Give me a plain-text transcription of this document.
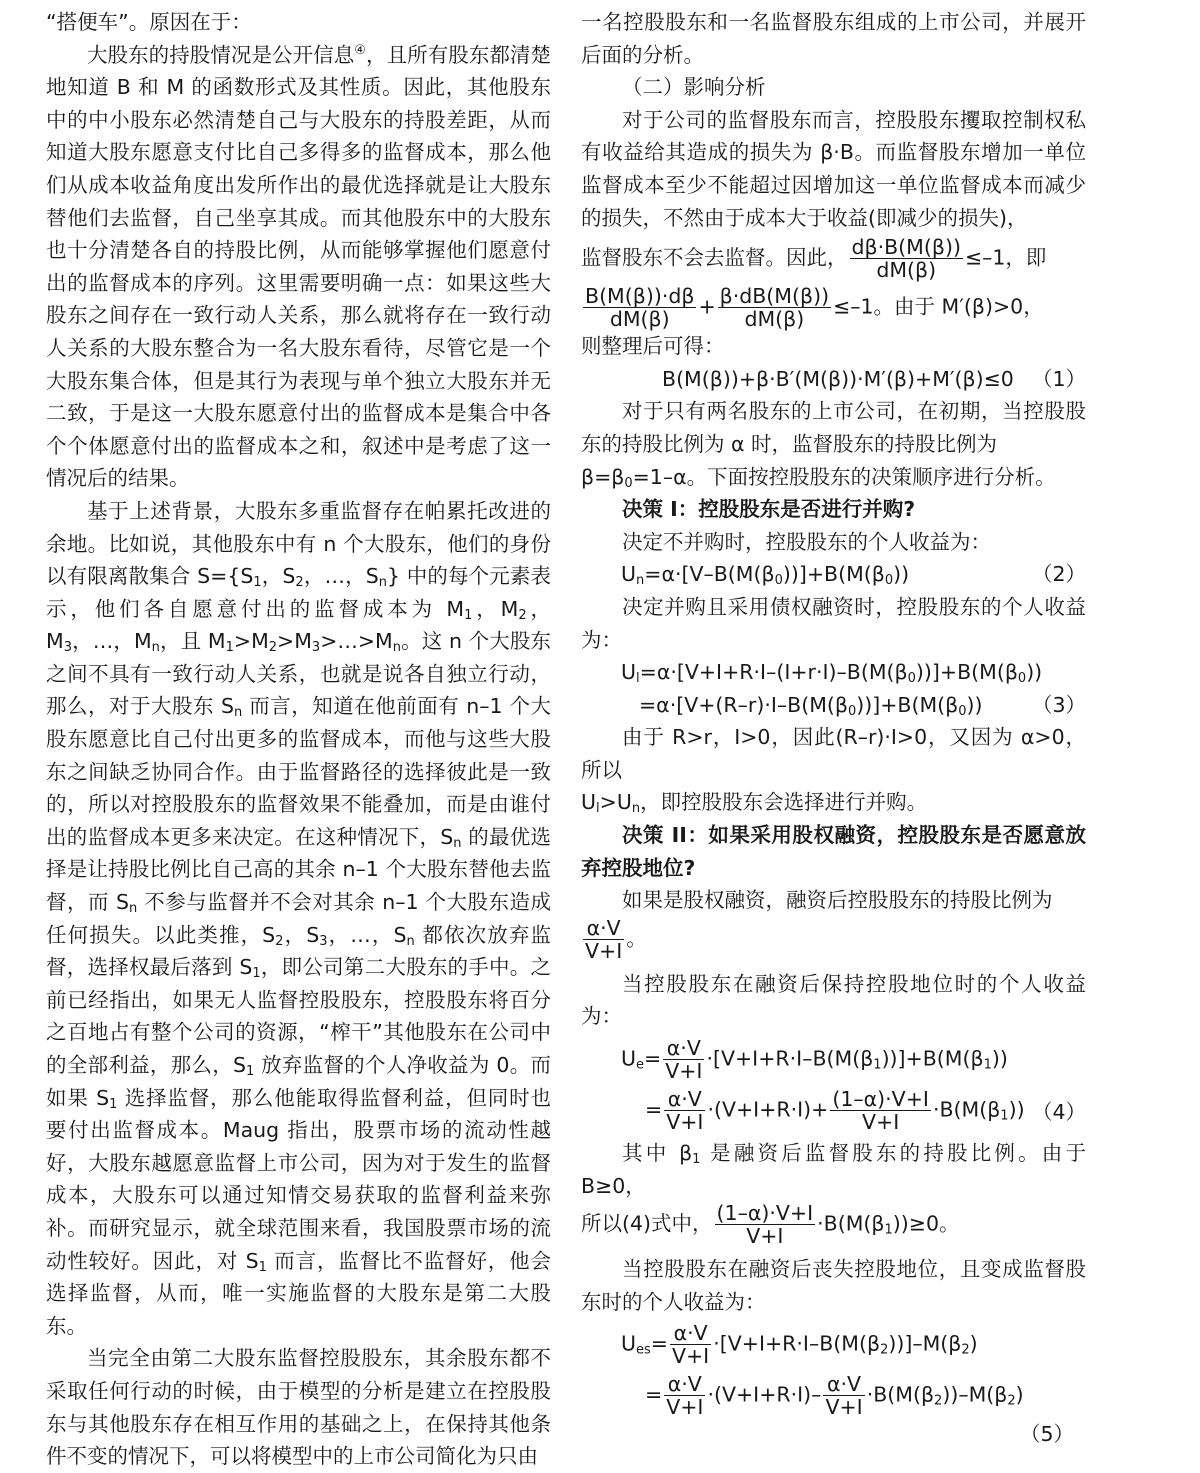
“搭便车”。原因在于：

大股东的持股情况是公开信息④，且所有股东都清楚地知道 B 和 M 的函数形式及其性质。因此，其他股东中的中小股东必然清楚自己与大股东的持股差距，从而知道大股东愿意支付比自己多得多的监督成本，那么他们从成本收益角度出发所作出的最优选择就是让大股东替他们去监督，自己坐享其成。而其他股东中的大股东也十分清楚各自的持股比例，从而能够掌握他们愿意付出的监督成本的序列。这里需要明确一点：如果这些大股东之间存在一致行动人关系，那么就将存在一致行动人关系的大股东整合为一名大股东看待，尽管它是一个大股东集合体，但是其行为表现与单个独立大股东并无二致，于是这一大股东愿意付出的监督成本是集合中各个个体愿意付出的监督成本之和，叙述中是考虑了这一情况后的结果。

基于上述背景，大股东多重监督存在帕累托改进的余地。比如说，其他股东中有 n 个大股东，他们的身份以有限离散集合 $S=\{S_1$，$S_2$，…，$S_n$} 中的每个元素表示，他们各自愿意付出的监督成本为 $M_1$，$M_2$，$M_3$，…，$M_n$，且 $M_1>M_2>M_3>\dots>M_n$。这 n 个大股东之间不具有一致行动人关系，也就是说各自独立行动，那么，对于大股东 $S_n$ 而言，知道在他前面有 n–1 个大股东愿意比自己付出更多的监督成本，而他与这些大股东之间缺乏协同合作。由于监督路径的选择彼此是一致的，所以对控股股东的监督效果不能叠加，而是由谁付出的监督成本更多来决定。在这种情况下，$S_n$ 的最优选择是让持股比例比自己高的其余 n–1 个大股东替他去监督，而 $S_n$ 不参与监督并不会对其余 n–1 个大股东造成任何损失。以此类推，$S_2$，$S_3$，…，$S_n$ 都依次放弃监督，选择权最后落到 $S_1$，即公司第二大股东的手中。之前已经指出，如果无人监督控股股东，控股股东将百分之百地占有整个公司的资源，“榨干”其他股东在公司中的全部利益，那么，$S_1$ 放弃监督的个人净收益为 0。而如果 $S_1$ 选择监督，那么他能取得监督利益，但同时也要付出监督成本。Maug 指出，股票市场的流动性越好，大股东越愿意监督上市公司，因为对于发生的监督成本，大股东可以通过知情交易获取的监督利益来弥补。而研究显示，就全球范围来看，我国股票市场的流动性较好。因此，对 $S_1$ 而言，监督比不监督好，他会选择监督，从而，唯一实施监督的大股东是第二大股东。

当完全由第二大股东监督控股股东，其余股东都不采取任何行动的时候，由于模型的分析是建立在控股股东与其他股东存在相互作用的基础之上，在保持其他条件不变的情况下，可以将模型中的上市公司简化为只由

一名控股股东和一名监督股东组成的上市公司，并展开后面的分析。

（二）影响分析

对于公司的监督股东而言，控股股东攫取控制权私有收益给其造成的损失为 β·B。而监督股东增加一单位监督成本至少不能超过因增加这一单位监督成本而减少的损失，不然由于成本大于收益(即减少的损失)，

监督股东不会去监督。因此， $\frac{d\beta\cdot B(M(\beta))}{dM(\beta)} \le-1$，即
$\frac{B(M(\beta))\cdot d\beta}{dM(\beta)} + \frac{\beta\cdot dB(M(\beta))}{dM(\beta)} \le-1$。由于 M′(β)>0，

则整理后可得：

B(M(β))+β·B′(M(β))·M′(β)+M′(β)≤0 （1）

对于只有两名股东的上市公司，在初期，当控股股东的持股比例为 α 时，监督股东的持股比例为

$\beta=\beta_0=1-\alpha$。下面按控股股东的决策顺序进行分析。

决策 I：控股股东是否进行并购?

决定不并购时，控股股东的个人收益为：

$U_n=\alpha\cdot[V-B(M(\beta_0))]+B(M(\beta_0))$	（2）

决定并购且采用债权融资时，控股股东的个人收益为：

$U_l=\alpha\cdot[V+I+R\cdot I-(I+r\cdot I)-B(M(\beta_0))]+B(M(\beta_0))$
$=\alpha\cdot[V+(R-r)\cdot I-B(M(\beta_0))]+B(M(\beta_0))$ （3）

由于 R>r，I>0，因此(R–r)·I>0，又因为 α>0，所以

$U_l>U_n$，即控股股东会选择进行并购。

决策 II：如果采用股权融资，控股股东是否愿意放弃控股地位?

如果是股权融资，融资后控股股东的持股比例为

$\frac{\alpha\cdot V}{V+I}$ 。

当控股股东在融资后保持控股地位时的个人收益为：

$U_e= \frac{\alpha\cdot V}{V+I} \cdot[V+I+R\cdot I-B(M(\beta_1))]+B(M(\beta_1))$
= $\frac{\alpha\cdot V}{V+I} \cdot(V+I+R\cdot I)+ \frac{(1-\alpha)\cdot V+I}{V+I} \cdot B(M(\beta_1))$ （4）

其中 $\beta_1$ 是融资后监督股东的持股比例。由于 B≥0，

所以(4)式中， $\frac{(1-\alpha)\cdot V+I}{V+I} \cdot B(M(\beta_1))\ge 0$。

当控股股东在融资后丧失控股地位，且变成监督股东时的个人收益为：

$U_{es}= \frac{\alpha\cdot V}{V+I} \cdot[V+I+R\cdot I-B(M(\beta_2))]-M(\beta_2)$
= $\frac{\alpha\cdot V}{V+I} \cdot(V+I+R\cdot I)- \frac{\alpha\cdot V}{V+I} \cdot B(M(\beta_2))-M(\beta_2)$
（5）
